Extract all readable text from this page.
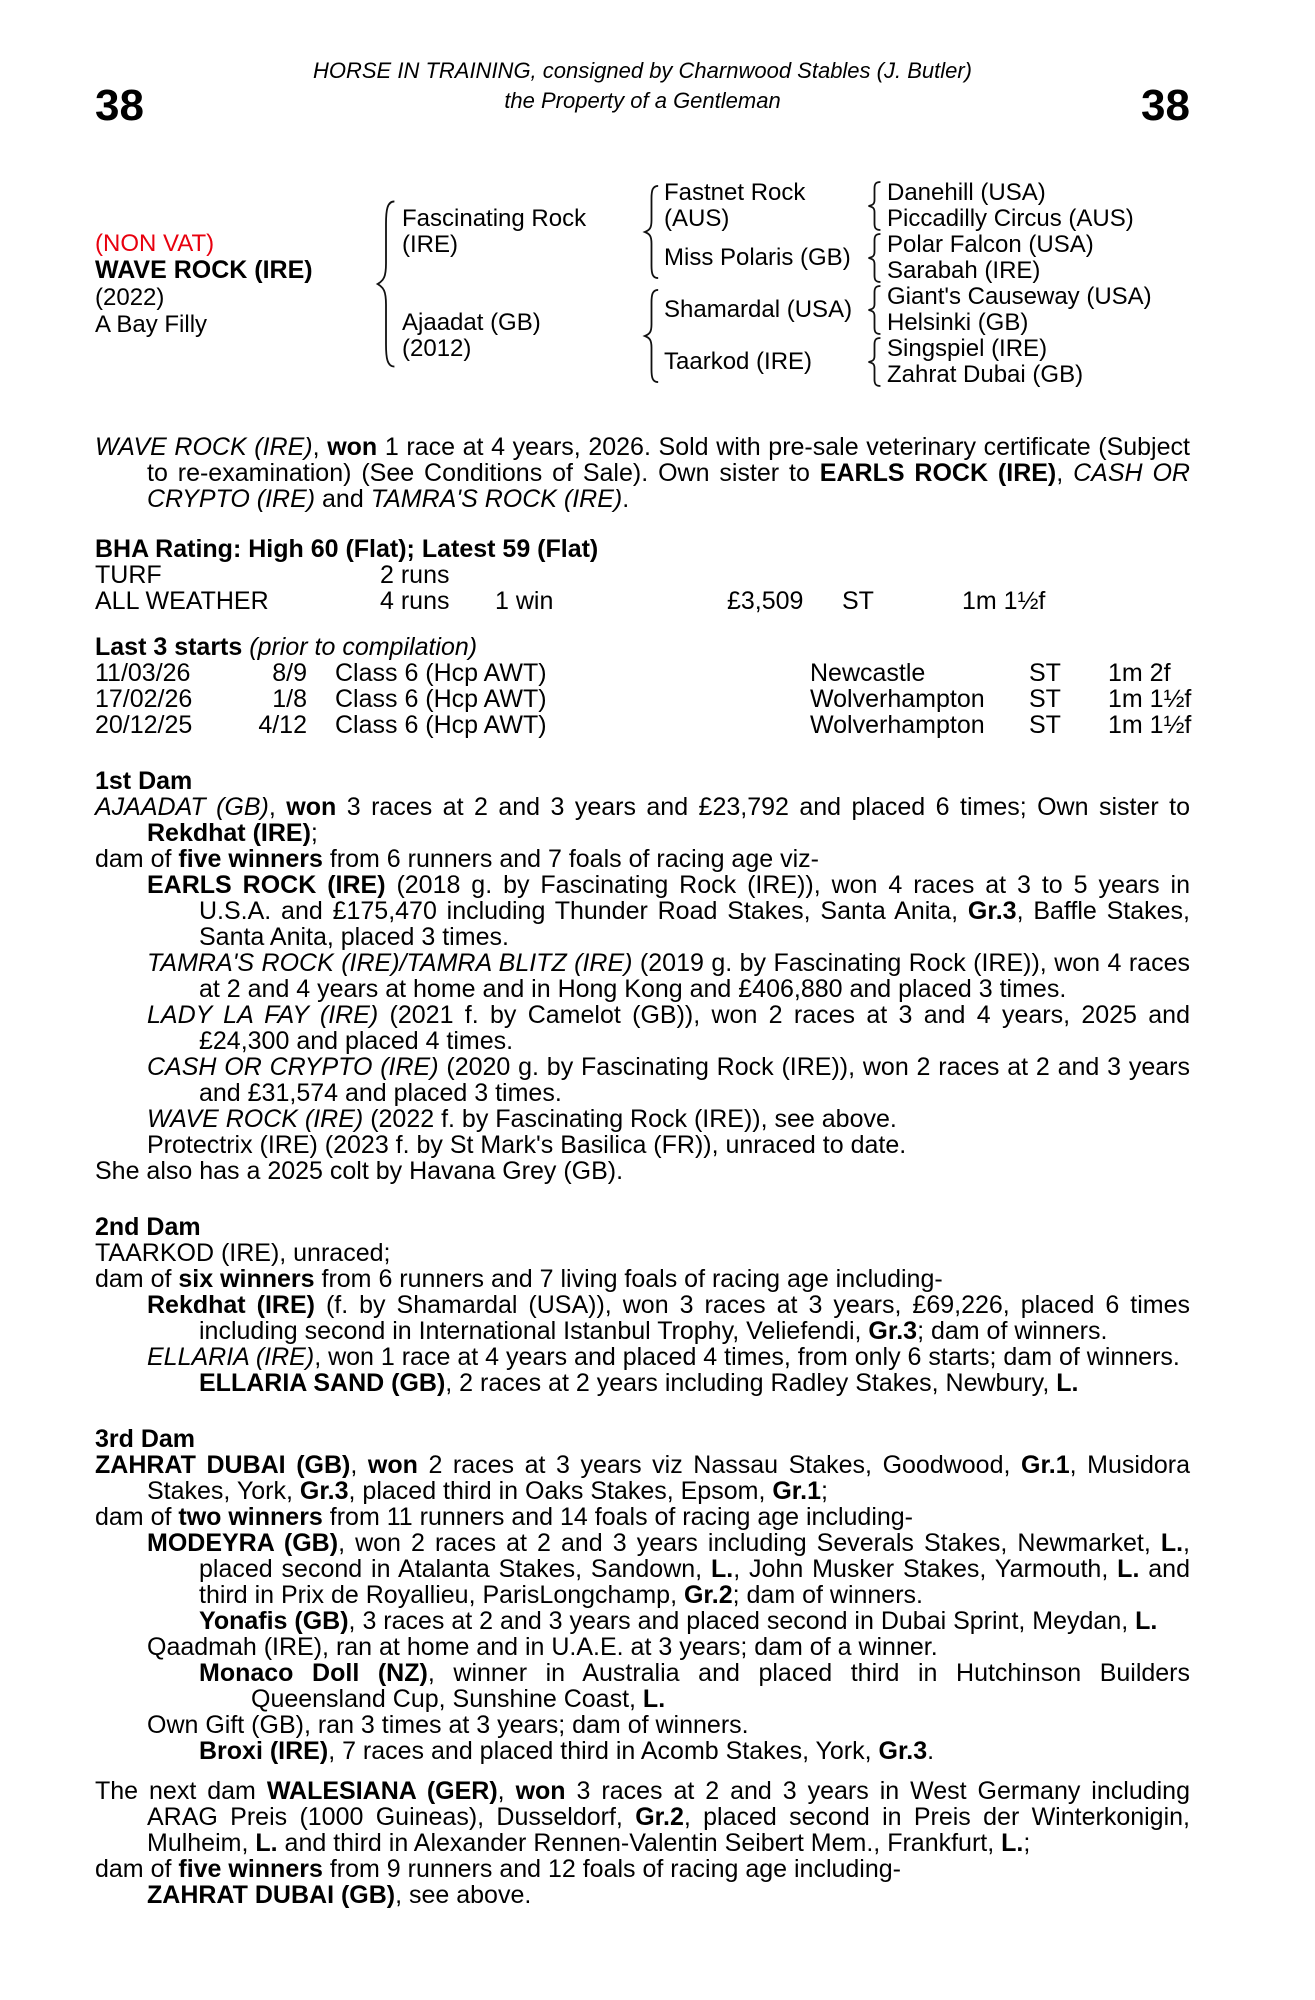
HORSE IN TRAINING, consigned by Charnwood Stables (J. Butler)
the Property of a Gentleman
38	38
(NON VAT)
WAVE ROCK (IRE)
(2022)
A Bay Filly
Fascinating Rock
(IRE)
Fastnet Rock
(AUS)
Danehill (USA)
Piccadilly Circus (AUS)
Miss Polaris (GB)	Polar Falcon (USA)
Sarabah (IRE)
Ajaadat (GB)
(2012)
Shamardal (USA)	Giant's Causeway (USA)
Helsinki (GB)
Taarkod (IRE)	Singspiel (IRE)
Zahrat Dubai (GB)

WAVE ROCK (IRE), won 1 race at 4 years, 2026. Sold with pre-sale veterinary certificate (Subject to re-examination) (See Conditions of Sale). Own sister to EARLS ROCK (IRE), CASH OR CRYPTO (IRE) and TAMRA'S ROCK (IRE).

BHA Rating: High 60 (Flat); Latest 59 (Flat)
TURF	2 runs
ALL WEATHER	4 runs	1 win	£3,509	ST	1m 1½f
Last 3 starts (prior to compilation)
11/03/26	8/9	Class 6 (Hcp AWT)	Newcastle	ST	1m 2f
17/02/26	1/8	Class 6 (Hcp AWT)	Wolverhampton	ST	1m 1½f
20/12/25	4/12	Class 6 (Hcp AWT)	Wolverhampton	ST	1m 1½f
1st Dam

AJAADAT (GB), won 3 races at 2 and 3 years and £23,792 and placed 6 times; Own sister to Rekdhat (IRE);

dam of five winners from 6 runners and 7 foals of racing age viz-

EARLS ROCK (IRE) (2018 g. by Fascinating Rock (IRE)), won 4 races at 3 to 5 years in U.S.A. and £175,470 including Thunder Road Stakes, Santa Anita, Gr.3, Baffle Stakes, Santa Anita, placed 3 times.

TAMRA'S ROCK (IRE)/TAMRA BLITZ (IRE) (2019 g. by Fascinating Rock (IRE)), won 4 races at 2 and 4 years at home and in Hong Kong and £406,880 and placed 3 times.

LADY LA FAY (IRE) (2021 f. by Camelot (GB)), won 2 races at 3 and 4 years, 2025 and £24,300 and placed 4 times.

CASH OR CRYPTO (IRE) (2020 g. by Fascinating Rock (IRE)), won 2 races at 2 and 3 years and £31,574 and placed 3 times.

WAVE ROCK (IRE) (2022 f. by Fascinating Rock (IRE)), see above.

Protectrix (IRE) (2023 f. by St Mark's Basilica (FR)), unraced to date.

She also has a 2025 colt by Havana Grey (GB).

2nd Dam

TAARKOD (IRE), unraced;

dam of six winners from 6 runners and 7 living foals of racing age including-

Rekdhat (IRE) (f. by Shamardal (USA)), won 3 races at 3 years, £69,226, placed 6 times including second in International Istanbul Trophy, Veliefendi, Gr.3; dam of winners.

ELLARIA (IRE), won 1 race at 4 years and placed 4 times, from only 6 starts; dam of winners.

ELLARIA SAND (GB), 2 races at 2 years including Radley Stakes, Newbury, L.

3rd Dam

ZAHRAT DUBAI (GB), won 2 races at 3 years viz Nassau Stakes, Goodwood, Gr.1, Musidora Stakes, York, Gr.3, placed third in Oaks Stakes, Epsom, Gr.1;

dam of two winners from 11 runners and 14 foals of racing age including-

MODEYRA (GB), won 2 races at 2 and 3 years including Severals Stakes, Newmarket, L., placed second in Atalanta Stakes, Sandown, L., John Musker Stakes, Yarmouth, L. and third in Prix de Royallieu, ParisLongchamp, Gr.2; dam of winners.

Yonafis (GB), 3 races at 2 and 3 years and placed second in Dubai Sprint, Meydan, L.

Qaadmah (IRE), ran at home and in U.A.E. at 3 years; dam of a winner.

Monaco Doll (NZ), winner in Australia and placed third in Hutchinson Builders Queensland Cup, Sunshine Coast, L.

Own Gift (GB), ran 3 times at 3 years; dam of winners.

Broxi (IRE), 7 races and placed third in Acomb Stakes, York, Gr.3.

The next dam WALESIANA (GER), won 3 races at 2 and 3 years in West Germany including ARAG Preis (1000 Guineas), Dusseldorf, Gr.2, placed second in Preis der Winterkonigin, Mulheim, L. and third in Alexander Rennen-Valentin Seibert Mem., Frankfurt, L.;

dam of five winners from 9 runners and 12 foals of racing age including-

ZAHRAT DUBAI (GB), see above.
